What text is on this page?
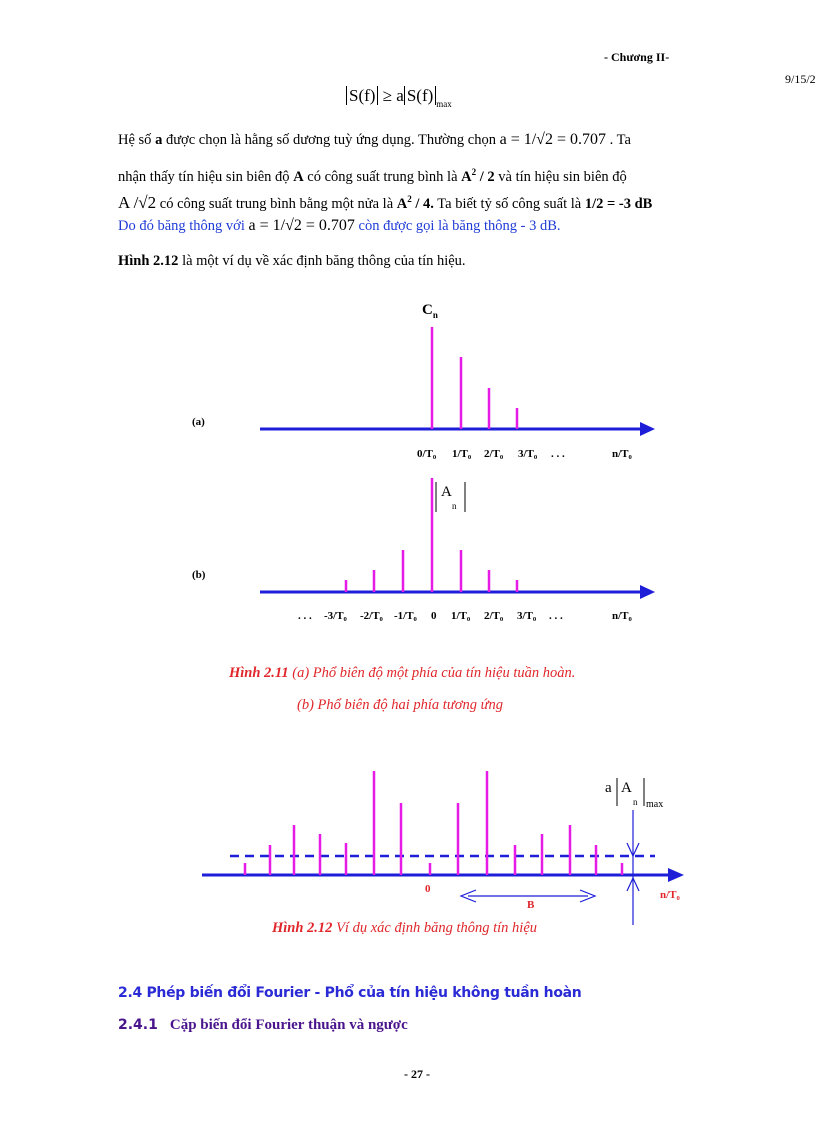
- Chương II-
9/15/2
S(f) ≥ a S(f) $_{max}$
Hệ số a được chọn là hằng số dương tuỳ ứng dụng. Thường chọn a = 1/√2 = 0.707 . Ta
nhận thấy tín hiệu sin biên độ A có công suất trung bình là $A^2 / 2$ và tín hiệu sin biên độ
A /√2 có công suất trung bình bằng một nửa là $A^2 / 4$. Ta biết tỷ số công suất là 1/2 = -3 dB
Do đó băng thông với a = 1/√2 = 0.707 còn được gọi là băng thông - 3 dB.
Hình 2.12 là một ví dụ về xác định băng thông của tín hiệu.
(a)
$C_n$
0/T₀ 1/T₀ 2/T₀ 3/T₀ . . .	n/T₀
(b)
A
n
. . . -3/T₀ -2/T₀ -1/T₀ 0 1/T₀ 2/T₀ 3/T₀ . . .	n/T₀
Hình 2.11 (a) Phổ biên độ một phía của tín hiệu tuần hoàn.
(b) Phổ biên độ hai phía tương ứng
a A
n max
0
B
n/T₀
Hình 2.12 Ví dụ xác định băng thông tín hiệu
2.4 Phép biến đổi Fourier - Phổ của tín hiệu không tuần hoàn
2.4.1 Cặp biến đổi Fourier thuận và ngược
- 27 -
